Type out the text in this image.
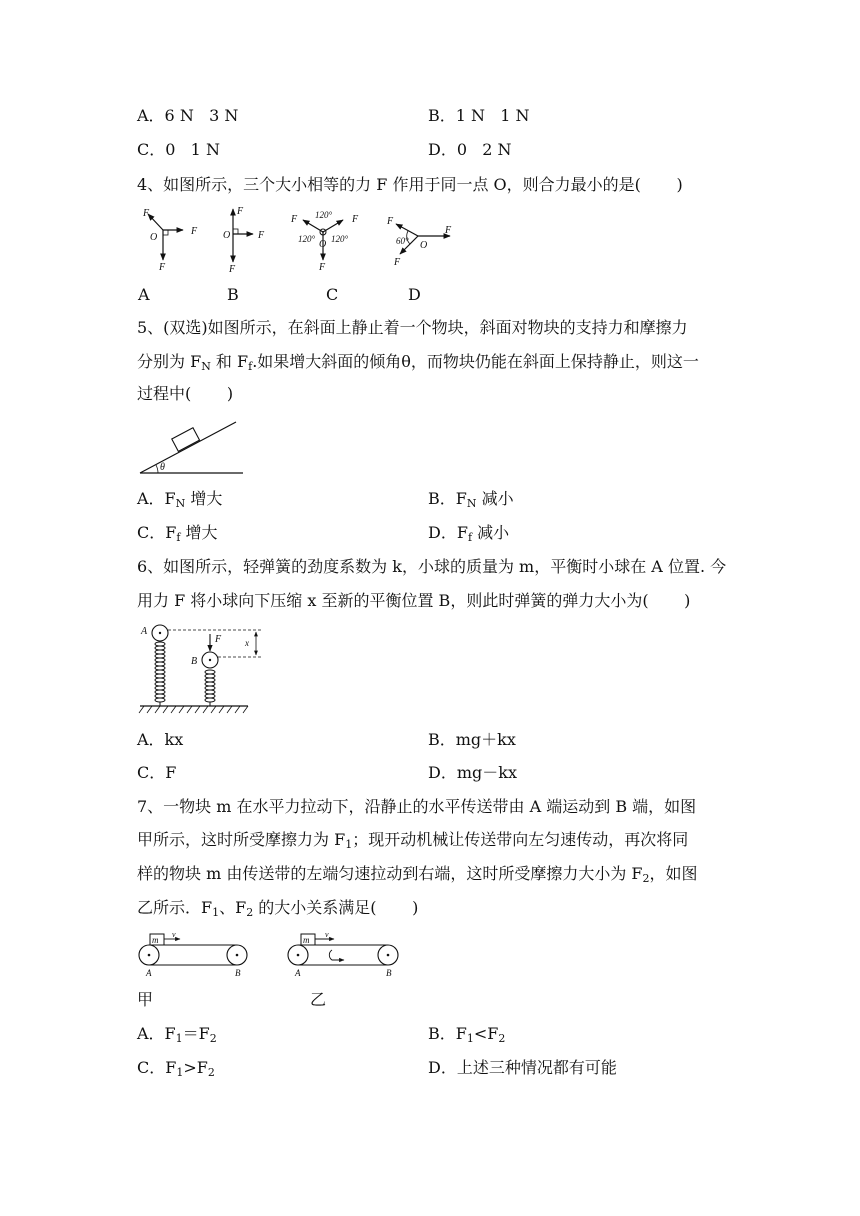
A．6 N   3 N	B．1 N   1 N
C．0   1 N	D．0   2 N
4、如图所示，三个大小相等的力 F 作用于同一点 O，则合力最小的是(       )
F
O
F
F
F
O	F
F
F	F
F
O
120°
120° 120°
F
60° O
F
F
A	B	C	D
5、(双选)如图所示，在斜面上静止着一个物块，斜面对物块的支持力和摩擦力
分别为 $F_N$ 和 $F_f$.如果增大斜面的倾角θ，而物块仍能在斜面上保持静止，则这一
过程中(       )
θ
A．$F_N$ 增大	B．$F_N$ 减小
C．$F_f$ 增大	D．$F_f$ 减小
6、如图所示，轻弹簧的劲度系数为 k，小球的质量为 m，平衡时小球在 A 位置. 今
用力 F 将小球向下压缩 x 至新的平衡位置 B，则此时弹簧的弹力大小为(       )
A
B
F	x
A．kx	B．mg＋kx
C．F	D．mg－kx
7、一物块 m 在水平力拉动下，沿静止的水平传送带由 A 端运动到 B 端，如图
甲所示，这时所受摩擦力为 $F_1$；现开动机械让传送带向左匀速传动，再次将同
样的物块 m 由传送带的左端匀速拉动到右端，这时所受摩擦力大小为 $F_2$，如图
乙所示．$F_1$、$F_2$ 的大小关系满足(       )
m
v
A	B
m
v
A	B
甲	乙
A．$F_1=F_2$	B．$F_1<F_2$
C．$F_1>F_2$	D．上述三种情况都有可能
